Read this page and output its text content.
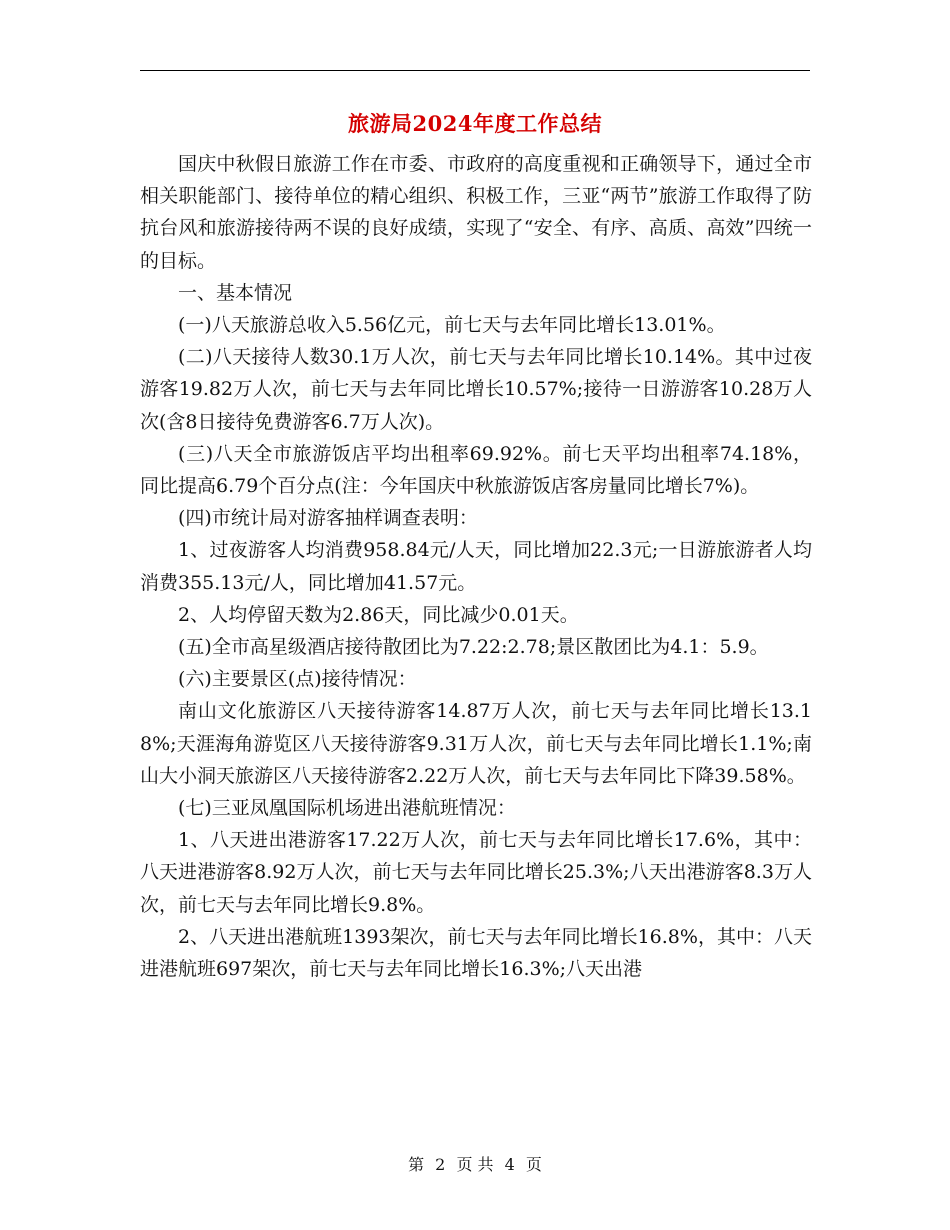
旅游局2024年度工作总结

国庆中秋假日旅游工作在市委、市政府的高度重视和正确领导下，通过全市相关职能部门、接待单位的精心组织、积极工作，三亚“两节”旅游工作取得了防抗台风和旅游接待两不误的良好成绩，实现了“安全、有序、高质、高效”四统一的目标。

一、基本情况

(一)八天旅游总收入5.56亿元，前七天与去年同比增长13.01%。

(二)八天接待人数30.1万人次，前七天与去年同比增长10.14%。其中过夜游客19.82万人次，前七天与去年同比增长10.57%;接待一日游游客10.28万人次(含8日接待免费游客6.7万人次)。

(三)八天全市旅游饭店平均出租率69.92%。前七天平均出租率74.18%，同比提高6.79个百分点(注：今年国庆中秋旅游饭店客房量同比增长7%)。

(四)市统计局对游客抽样调查表明：

1、过夜游客人均消费958.84元/人天，同比增加22.3元;一日游旅游者人均消费355.13元/人，同比增加41.57元。

2、人均停留天数为2.86天，同比减少0.01天。

(五)全市高星级酒店接待散团比为7.22:2.78;景区散团比为4.1：5.9。

(六)主要景区(点)接待情况：

南山文化旅游区八天接待游客14.87万人次，前七天与去年同比增长13.18%;天涯海角游览区八天接待游客9.31万人次，前七天与去年同比增长1.1%;南山大小洞天旅游区八天接待游客2.22万人次，前七天与去年同比下降39.58%。

(七)三亚凤凰国际机场进出港航班情况：

1、八天进出港游客17.22万人次，前七天与去年同比增长17.6%，其中：八天进港游客8.92万人次，前七天与去年同比增长25.3%;八天出港游客8.3万人次，前七天与去年同比增长9.8%。

2、八天进出港航班1393架次，前七天与去年同比增长16.8%，其中：八天进港航班697架次，前七天与去年同比增长16.3%;八天出港

第 2 页 共 4 页
